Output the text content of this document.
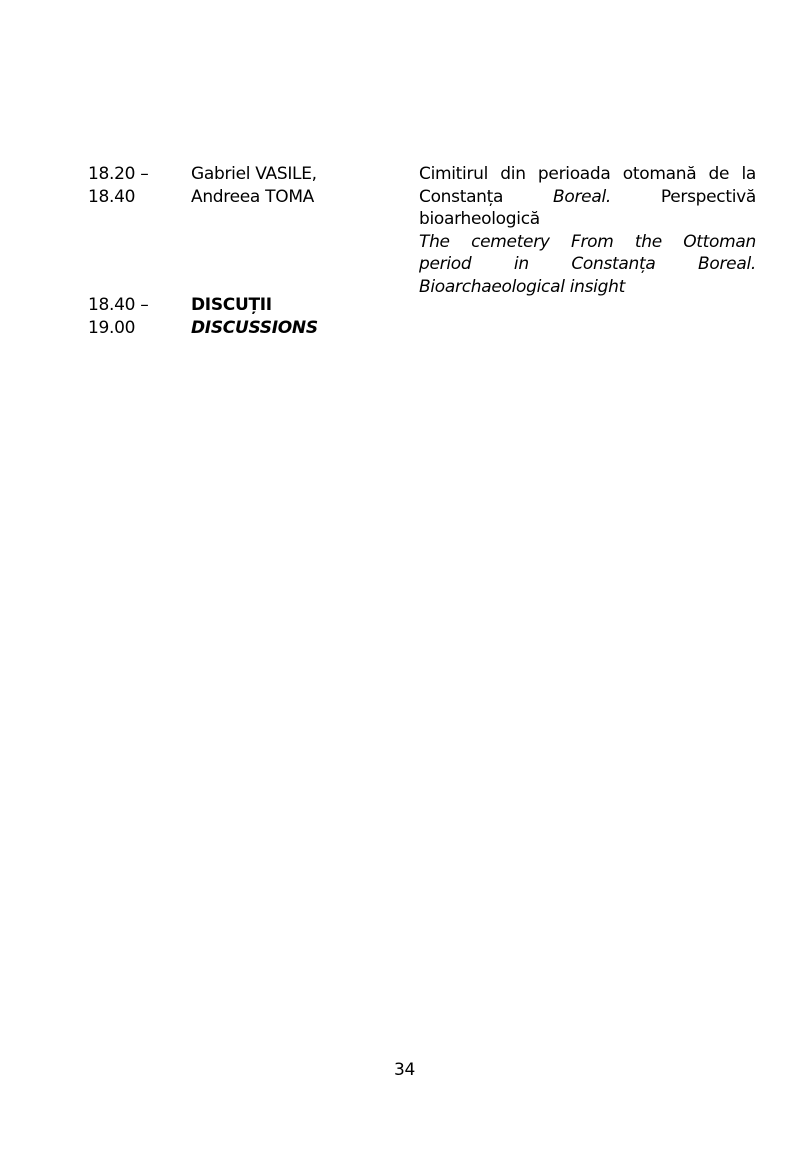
18.20 –
18.40
Gabriel VASILE,
Andreea TOMA
Cimitirul din perioada otomană de la
Constanța	Boreal.	Perspectivă
bioarheologică
The cemetery From the Ottoman
period in Constanța Boreal.
Bioarchaeological insight
18.40 –
19.00
DISCUȚII
DISCUSSIONS
34
